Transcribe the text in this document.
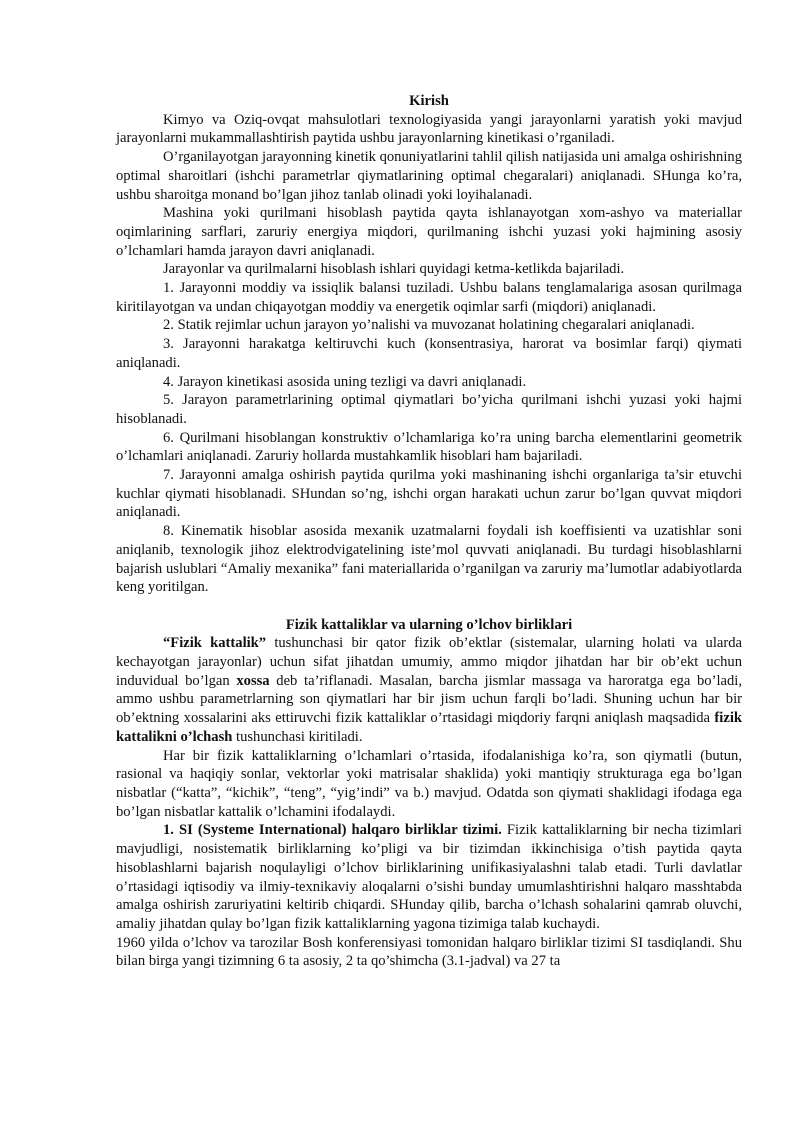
Kirish

Kimyo va Oziq-ovqat mahsulotlari texnologiyasida yangi jarayonlarni yaratish yoki mavjud jarayonlarni mukammallashtirish paytida ushbu jarayonlarning kinetikasi o’rganiladi.

O’rganilayotgan jarayonning kinetik qonuniyatlarini tahlil qilish natijasida uni amalga oshirishning optimal sharoitlari (ishchi parametrlar qiymatlarining optimal chegaralari) aniqlanadi. SHunga ko’ra, ushbu sharoitga monand bo’lgan jihoz tanlab olinadi yoki loyihalanadi.

Mashina yoki qurilmani hisoblash paytida qayta ishlanayotgan xom-ashyo va materiallar oqimlarining sarflari, zaruriy energiya miqdori, qurilmaning ishchi yuzasi yoki hajmining asosiy o’lchamlari hamda jarayon davri aniqlanadi.

Jarayonlar va qurilmalarni hisoblash ishlari quyidagi ketma-ketlikda bajariladi.

1. Jarayonni moddiy va issiqlik balansi tuziladi. Ushbu balans tenglamalariga asosan qurilmaga kiritilayotgan va undan chiqayotgan moddiy va energetik oqimlar sarfi (miqdori) aniqlanadi.

2. Statik rejimlar uchun jarayon yo’nalishi va muvozanat holatining chegaralari aniqlanadi.

3. Jarayonni harakatga keltiruvchi kuch (konsentrasiya, harorat va bosimlar farqi) qiymati aniqlanadi.

4. Jarayon kinetikasi asosida uning tezligi va davri aniqlanadi.

5. Jarayon parametrlarining optimal qiymatlari bo’yicha qurilmani ishchi yuzasi yoki hajmi hisoblanadi.

6. Qurilmani hisoblangan konstruktiv o’lchamlariga ko’ra uning barcha elementlarini geometrik o’lchamlari aniqlanadi. Zaruriy hollarda mustahkamlik hisoblari ham bajariladi.

7. Jarayonni amalga oshirish paytida qurilma yoki mashinaning ishchi organlariga ta’sir etuvchi kuchlar qiymati hisoblanadi. SHundan so’ng, ishchi organ harakati uchun zarur bo’lgan quvvat miqdori aniqlanadi.

8. Kinematik hisoblar asosida mexanik uzatmalarni foydali ish koeffisienti va uzatishlar soni aniqlanib, texnologik jihoz elektrodvigatelining iste’mol quvvati aniqlanadi. Bu turdagi hisoblashlarni bajarish uslublari “Amaliy mexanika” fani materiallarida o’rganilgan va zaruriy ma’lumotlar adabiyotlarda keng yoritilgan.

Fizik kattaliklar va ularning o’lchov birliklari

“Fizik kattalik” tushunchasi bir qator fizik ob’ektlar (sistemalar, ularning holati va ularda kechayotgan jarayonlar) uchun sifat jihatdan umumiy, ammo miqdor jihatdan har bir ob’ekt uchun induvidual bo’lgan xossa deb ta’riflanadi. Masalan, barcha jismlar massaga va haroratga ega bo’ladi, ammo ushbu parametrlarning son qiymatlari har bir jism uchun farqli bo’ladi. Shuning uchun har bir ob’ektning xossalarini aks ettiruvchi fizik kattaliklar o’rtasidagi miqdoriy farqni aniqlash maqsadida fizik kattalikni o’lchash tushunchasi kiritiladi.

Har bir fizik kattaliklarning o’lchamlari o’rtasida, ifodalanishiga ko’ra, son qiymatli (butun, rasional va haqiqiy sonlar, vektorlar yoki matrisalar shaklida) yoki mantiqiy strukturaga ega bo’lgan nisbatlar (“katta”, “kichik”, “teng”, “yig’indi” va b.) mavjud. Odatda son qiymati shaklidagi ifodaga ega bo’lgan nisbatlar kattalik o’lchamini ifodalaydi.

1. SI (Systeme International) halqaro birliklar tizimi. Fizik kattaliklarning bir necha tizimlari mavjudligi, nosistematik birliklarning ko’pligi va bir tizimdan ikkinchisiga o’tish paytida qayta hisoblashlarni bajarish noqulayligi o’lchov birliklarining unifikasiyalashni talab etadi. Turli davlatlar o’rtasidagi iqtisodiy va ilmiy-texnikaviy aloqalarni o’sishi bunday umumlashtirishni halqaro masshtabda amalga oshirish zaruriyatini keltirib chiqardi. SHunday qilib, barcha o’lchash sohalarini qamrab oluvchi, amaliy jihatdan qulay bo’lgan fizik kattaliklarning yagona tizimiga talab kuchaydi.

1960 yilda o’lchov va tarozilar Bosh konferensiyasi tomonidan halqaro birliklar tizimi SI tasdiqlandi. Shu bilan birga yangi tizimning 6 ta asosiy, 2 ta qo’shimcha (3.1-jadval) va 27 ta
